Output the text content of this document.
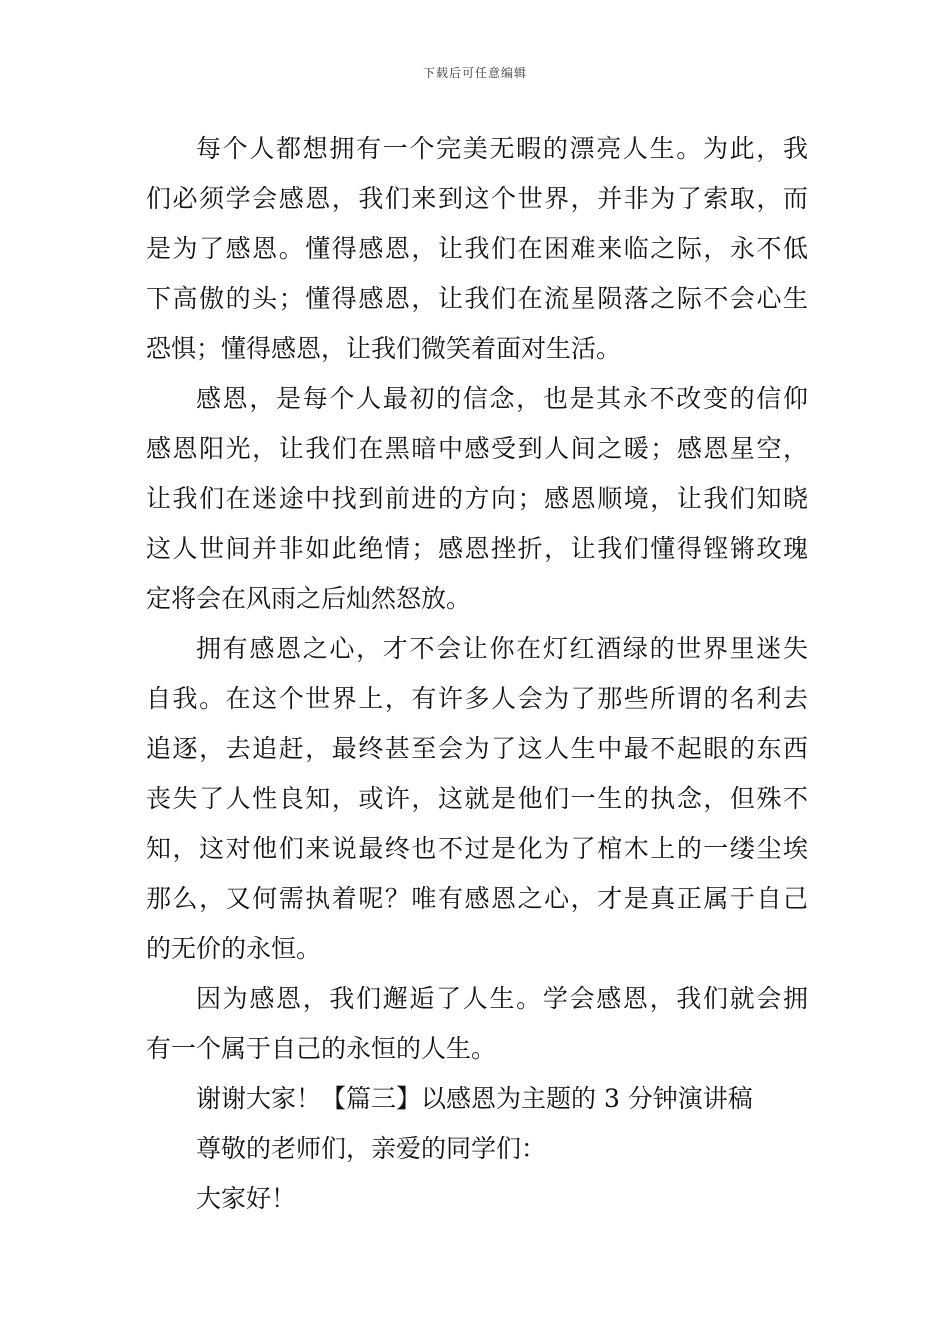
下载后可任意编辑
每个人都想拥有一个完美无暇的漂亮人生。为此，我
们必须学会感恩，我们来到这个世界，并非为了索取，而
是为了感恩。懂得感恩，让我们在困难来临之际，永不低
下高傲的头；懂得感恩，让我们在流星陨落之际不会心生
恐惧；懂得感恩，让我们微笑着面对生活。
感恩，是每个人最初的信念，也是其永不改变的信仰
感恩阳光，让我们在黑暗中感受到人间之暖；感恩星空，
让我们在迷途中找到前进的方向；感恩顺境，让我们知晓
这人世间并非如此绝情；感恩挫折，让我们懂得铿锵玫瑰
定将会在风雨之后灿然怒放。
拥有感恩之心，才不会让你在灯红酒绿的世界里迷失
自我。在这个世界上，有许多人会为了那些所谓的名利去
追逐，去追赶，最终甚至会为了这人生中最不起眼的东西
丧失了人性良知，或许，这就是他们一生的执念，但殊不
知，这对他们来说最终也不过是化为了棺木上的一缕尘埃
那么，又何需执着呢？唯有感恩之心，才是真正属于自己
的无价的永恒。
因为感恩，我们邂逅了人生。学会感恩，我们就会拥
有一个属于自己的永恒的人生。
谢谢大家！【篇三】以感恩为主题的 3 分钟演讲稿
尊敬的老师们，亲爱的同学们：
大家好！
